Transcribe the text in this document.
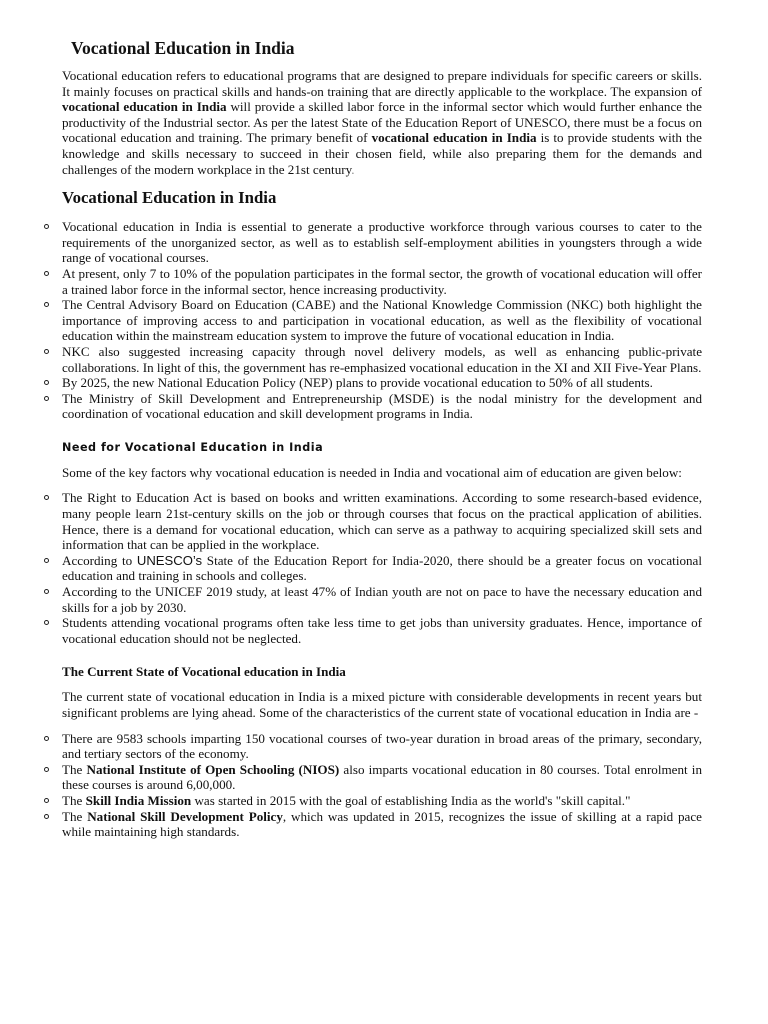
Vocational Education in India

Vocational education refers to educational programs that are designed to prepare individuals for specific careers or skills. It mainly focuses on practical skills and hands-on training that are directly applicable to the workplace. The expansion of vocational education in India will provide a skilled labor force in the informal sector which would further enhance the productivity of the Industrial sector. As per the latest State of the Education Report of UNESCO, there must be a focus on vocational education and training. The primary benefit of vocational education in India is to provide students with the knowledge and skills necessary to succeed in their chosen field, while also preparing them for the demands and challenges of the modern workplace in the 21st century.

Vocational Education in India
Vocational education in India is essential to generate a productive workforce through various courses to cater to the requirements of the unorganized sector, as well as to establish self-employment abilities in youngsters through a wide range of vocational courses.
At present, only 7 to 10% of the population participates in the formal sector, the growth of vocational education will offer a trained labor force in the informal sector, hence increasing productivity.
The Central Advisory Board on Education (CABE) and the National Knowledge Commission (NKC) both highlight the importance of improving access to and participation in vocational education, as well as the flexibility of vocational education within the mainstream education system to improve the future of vocational education in India.
NKC also suggested increasing capacity through novel delivery models, as well as enhancing public-private collaborations. In light of this, the government has re-emphasized vocational education in the XI and XII Five-Year Plans.
By 2025, the new National Education Policy (NEP) plans to provide vocational education to 50% of all students.
The Ministry of Skill Development and Entrepreneurship (MSDE) is the nodal ministry for the development and coordination of vocational education and skill development programs in India.
Need for Vocational Education in India

Some of the key factors why vocational education is needed in India and vocational aim of education are given below:

The Right to Education Act is based on books and written examinations. According to some research-based evidence, many people learn 21st-century skills on the job or through courses that focus on the practical application of abilities. Hence, there is a demand for vocational education, which can serve as a pathway to acquiring specialized skill sets and information that can be applied in the workplace.
According to UNESCO’s State of the Education Report for India-2020, there should be a greater focus on vocational education and training in schools and colleges.
According to the UNICEF 2019 study, at least 47% of Indian youth are not on pace to have the necessary education and skills for a job by 2030.
Students attending vocational programs often take less time to get jobs than university graduates. Hence, importance of vocational education should not be neglected.
The Current State of Vocational education in India

The current state of vocational education in India is a mixed picture with considerable developments in recent years but significant problems are lying ahead. Some of the characteristics of the current state of vocational education in India are -

There are 9583 schools imparting 150 vocational courses of two-year duration in broad areas of the primary, secondary, and tertiary sectors of the economy.
The National Institute of Open Schooling (NIOS) also imparts vocational education in 80 courses. Total enrolment in these courses is around 6,00,000.
The Skill India Mission was started in 2015 with the goal of establishing India as the world's "skill capital."
The National Skill Development Policy, which was updated in 2015, recognizes the issue of skilling at a rapid pace while maintaining high standards.
